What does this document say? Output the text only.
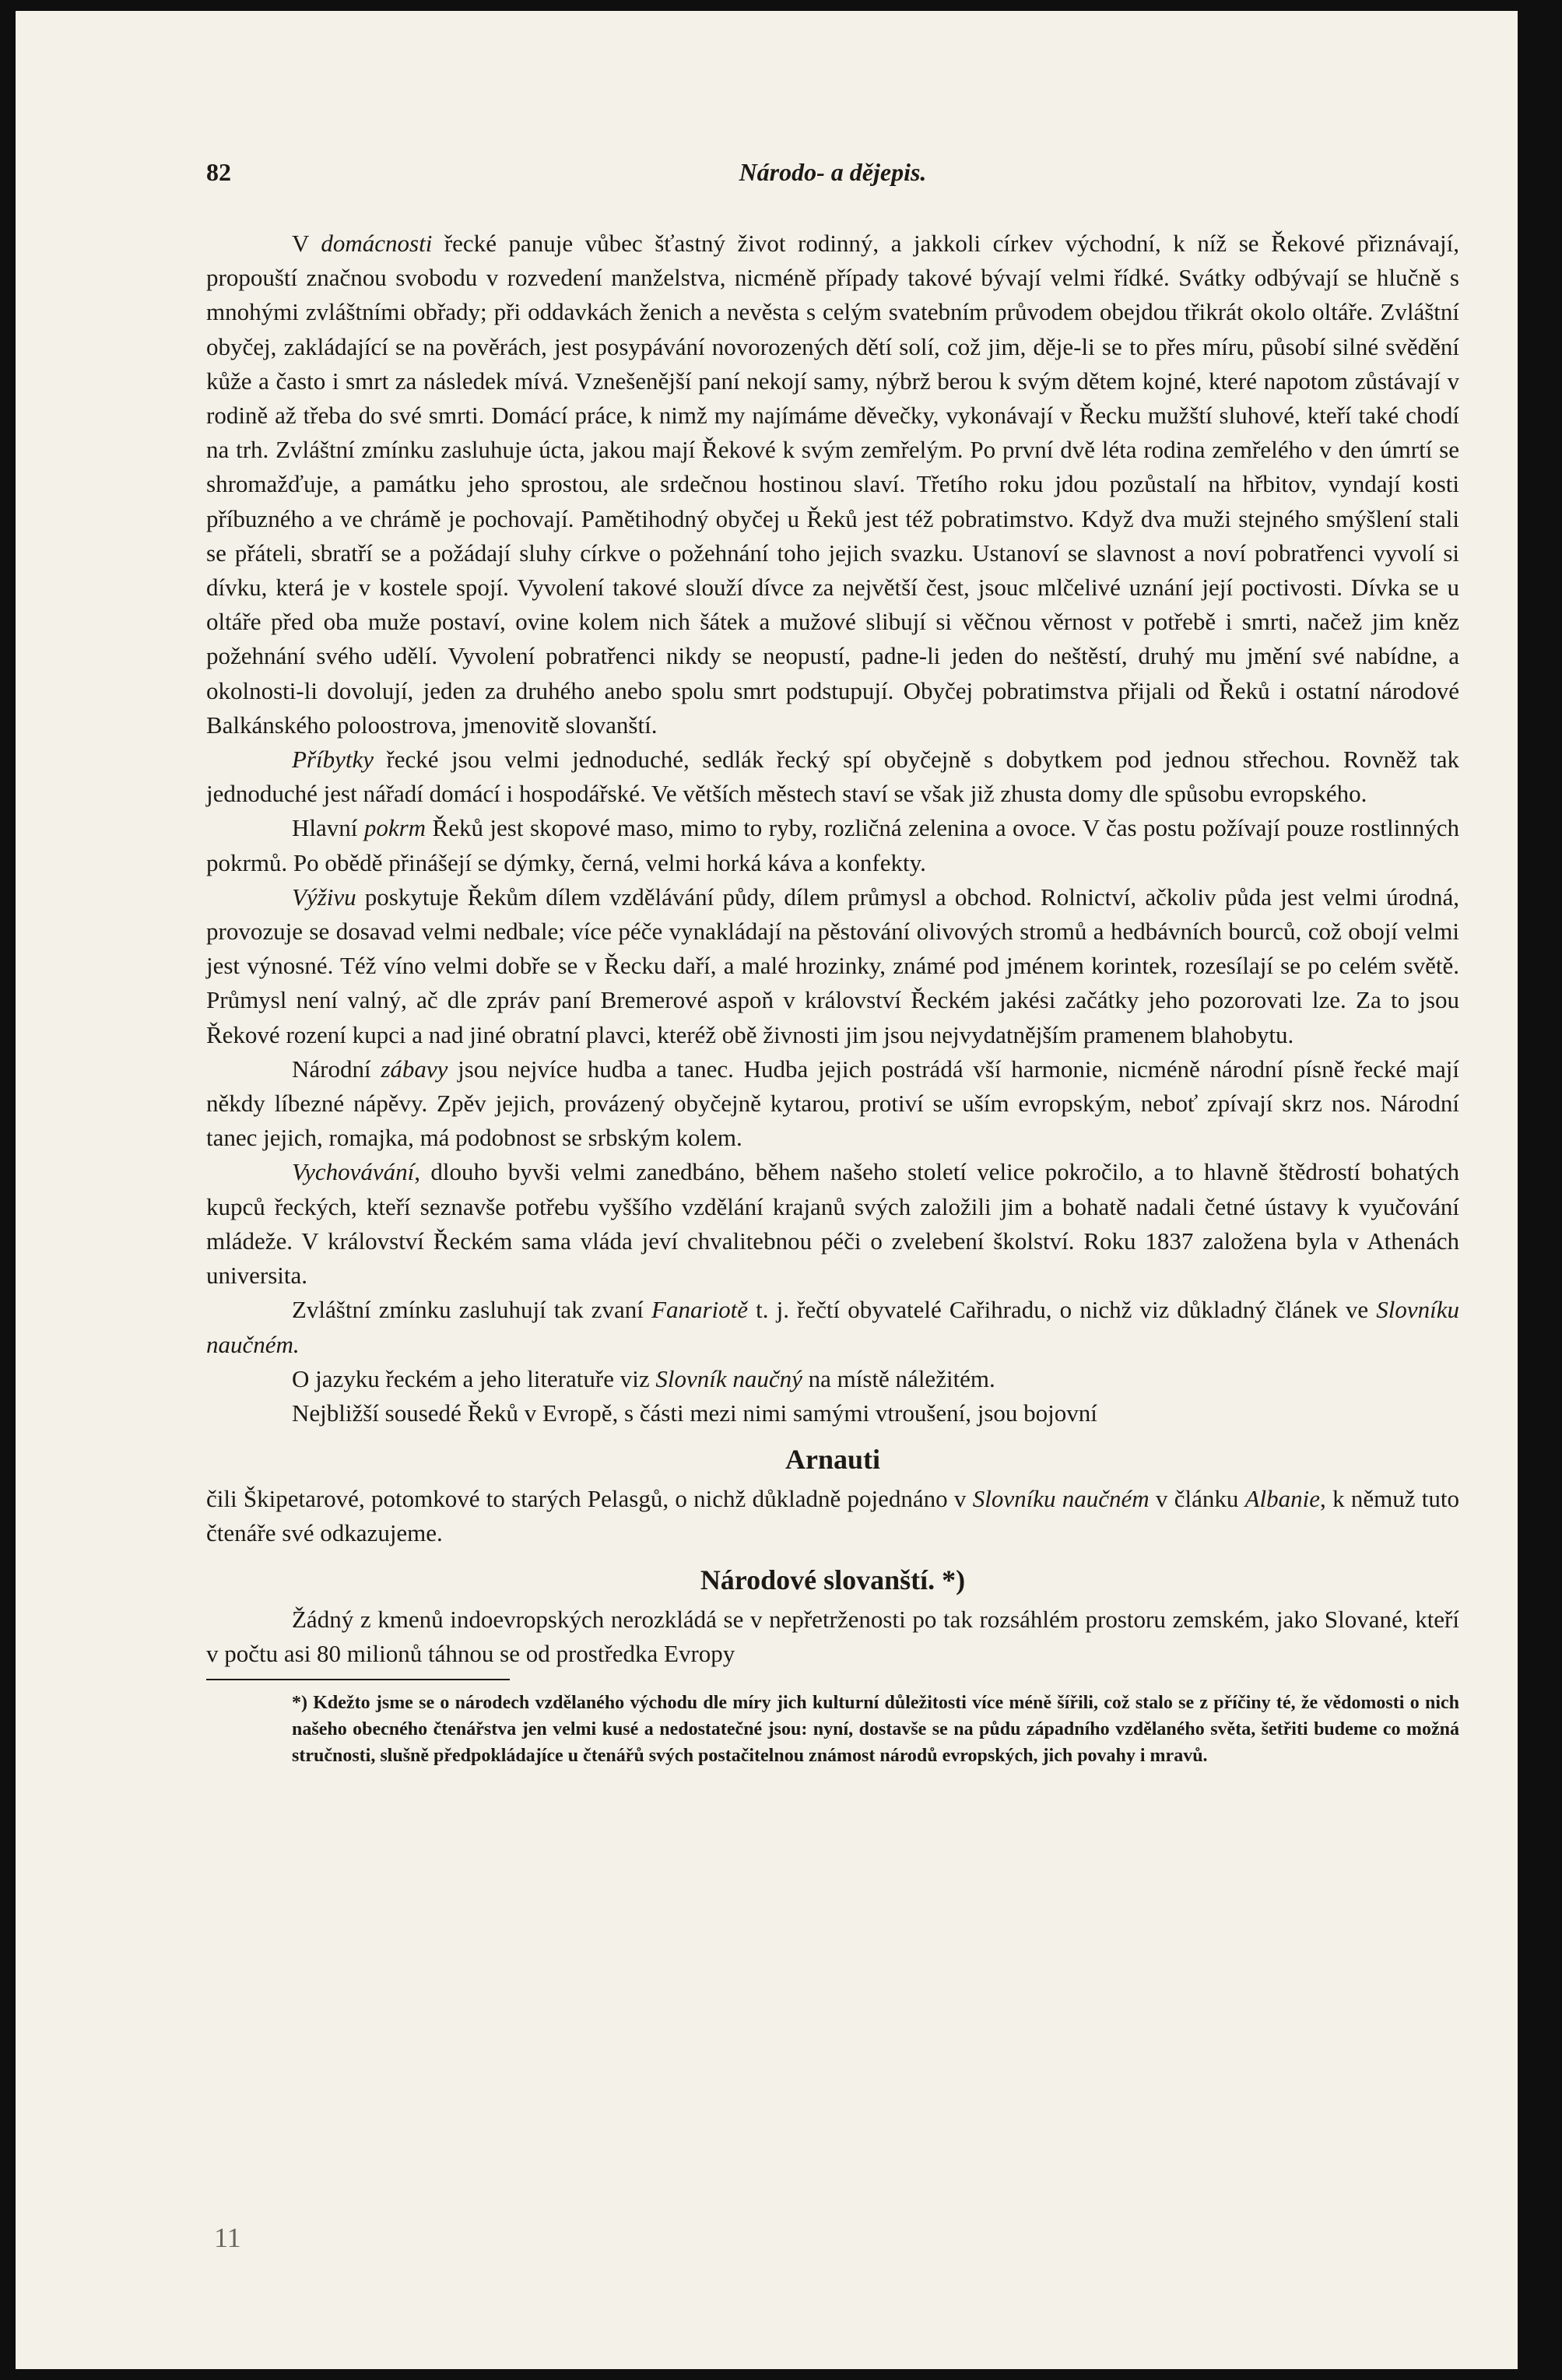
82	Národo- a dějepis.

V domácnosti řecké panuje vůbec šťastný život rodinný, a jakkoli církev východní, k níž se Řekové přiznávají, propouští značnou svobodu v rozvedení manželstva, nicméně případy takové bývají velmi řídké. Svátky odbývají se hlučně s mnohými zvláštními obřady; při oddavkách ženich a nevěsta s celým svatebním průvodem obejdou třikrát okolo oltáře. Zvláštní obyčej, zakládající se na pověrách, jest posypávání novorozených dětí solí, což jim, děje-li se to přes míru, působí silné svědění kůže a často i smrt za následek mívá. Vznešenější paní nekojí samy, nýbrž berou k svým dětem kojné, které napotom zůstávají v rodině až třeba do své smrti. Domácí práce, k nimž my najímáme děvečky, vykonávají v Řecku mužští sluhové, kteří také chodí na trh. Zvláštní zmínku zasluhuje úcta, jakou mají Řekové k svým zemřelým. Po první dvě léta rodina zemřelého v den úmrtí se shromažďuje, a památku jeho sprostou, ale srdečnou hostinou slaví. Třetího roku jdou pozůstalí na hřbitov, vyndají kosti příbuzného a ve chrámě je pochovají. Pamětihodný obyčej u Řeků jest též pobratimstvo. Když dva muži stejného smýšlení stali se přáteli, sbratří se a požádají sluhy církve o požehnání toho jejich svazku. Ustanoví se slavnost a noví pobratřenci vyvolí si dívku, která je v kostele spojí. Vyvolení takové slouží dívce za největší čest, jsouc mlčelivé uznání její poctivosti. Dívka se u oltáře před oba muže postaví, ovine kolem nich šátek a mužové slibují si věčnou věrnost v potřebě i smrti, načež jim kněz požehnání svého udělí. Vyvolení pobratřenci nikdy se neopustí, padne-li jeden do neštěstí, druhý mu jmění své nabídne, a okolnosti-li dovolují, jeden za druhého anebo spolu smrt podstupují. Obyčej pobratimstva přijali od Řeků i ostatní národové Balkánského poloostrova, jmenovitě slovanští.

Příbytky řecké jsou velmi jednoduché, sedlák řecký spí obyčejně s dobytkem pod jednou střechou. Rovněž tak jednoduché jest nářadí domácí i hospodářské. Ve větších městech staví se však již zhusta domy dle spůsobu evropského.

Hlavní pokrm Řeků jest skopové maso, mimo to ryby, rozličná zelenina a ovoce. V čas postu požívají pouze rostlinných pokrmů. Po obědě přinášejí se dýmky, černá, velmi horká káva a konfekty.

Výživu poskytuje Řekům dílem vzdělávání půdy, dílem průmysl a obchod. Rolnictví, ačkoliv půda jest velmi úrodná, provozuje se dosavad velmi nedbale; více péče vynakládají na pěstování olivových stromů a hedbávních bourců, což obojí velmi jest výnosné. Též víno velmi dobře se v Řecku daří, a malé hrozinky, známé pod jménem korintek, rozesílají se po celém světě. Průmysl není valný, ač dle zpráv paní Bremerové aspoň v království Řeckém jakési začátky jeho pozorovati lze. Za to jsou Řekové rození kupci a nad jiné obratní plavci, kteréž obě živnosti jim jsou nejvydatnějším pramenem blahobytu.

Národní zábavy jsou nejvíce hudba a tanec. Hudba jejich postrádá vší harmonie, nicméně národní písně řecké mají někdy líbezné nápěvy. Zpěv jejich, provázený obyčejně kytarou, protiví se uším evropským, neboť zpívají skrz nos. Národní tanec jejich, romajka, má podobnost se srbským kolem.

Vychovávání, dlouho byvši velmi zanedbáno, během našeho století velice pokročilo, a to hlavně štědrostí bohatých kupců řeckých, kteří seznavše potřebu vyššího vzdělání krajanů svých založili jim a bohatě nadali četné ústavy k vyučování mládeže. V království Řeckém sama vláda jeví chvalitebnou péči o zvelebení školství. Roku 1837 založena byla v Athenách universita.

Zvláštní zmínku zasluhují tak zvaní Fanariotě t. j. řečtí obyvatelé Cařihradu, o nichž viz důkladný článek ve Slovníku naučném.

O jazyku řeckém a jeho literatuře viz Slovník naučný na místě náležitém.

Nejbližší sousedé Řeků v Evropě, s části mezi nimi samými vtroušení, jsou bojovní

Arnauti

čili Škipetarové, potomkové to starých Pelasgů, o nichž důkladně pojednáno v Slovníku naučném v článku Albanie, k němuž tuto čtenáře své odkazujeme.

Národové slovanští. *)

Žádný z kmenů indoevropských nerozkládá se v nepřetrženosti po tak rozsáhlém prostoru zemském, jako Slované, kteří v počtu asi 80 milionů táhnou se od prostředka Evropy

*) Kdežto jsme se o národech vzdělaného východu dle míry jich kulturní důležitosti více méně šířili, což stalo se z příčiny té, že vědomosti o nich našeho obecného čtenářstva jen velmi kusé a nedostatečné jsou: nyní, dostavše se na půdu západního vzdělaného světa, šetřiti budeme co možná stručnosti, slušně předpokládajíce u čtenářů svých postačitelnou známost národů evropských, jich povahy i mravů.
11
